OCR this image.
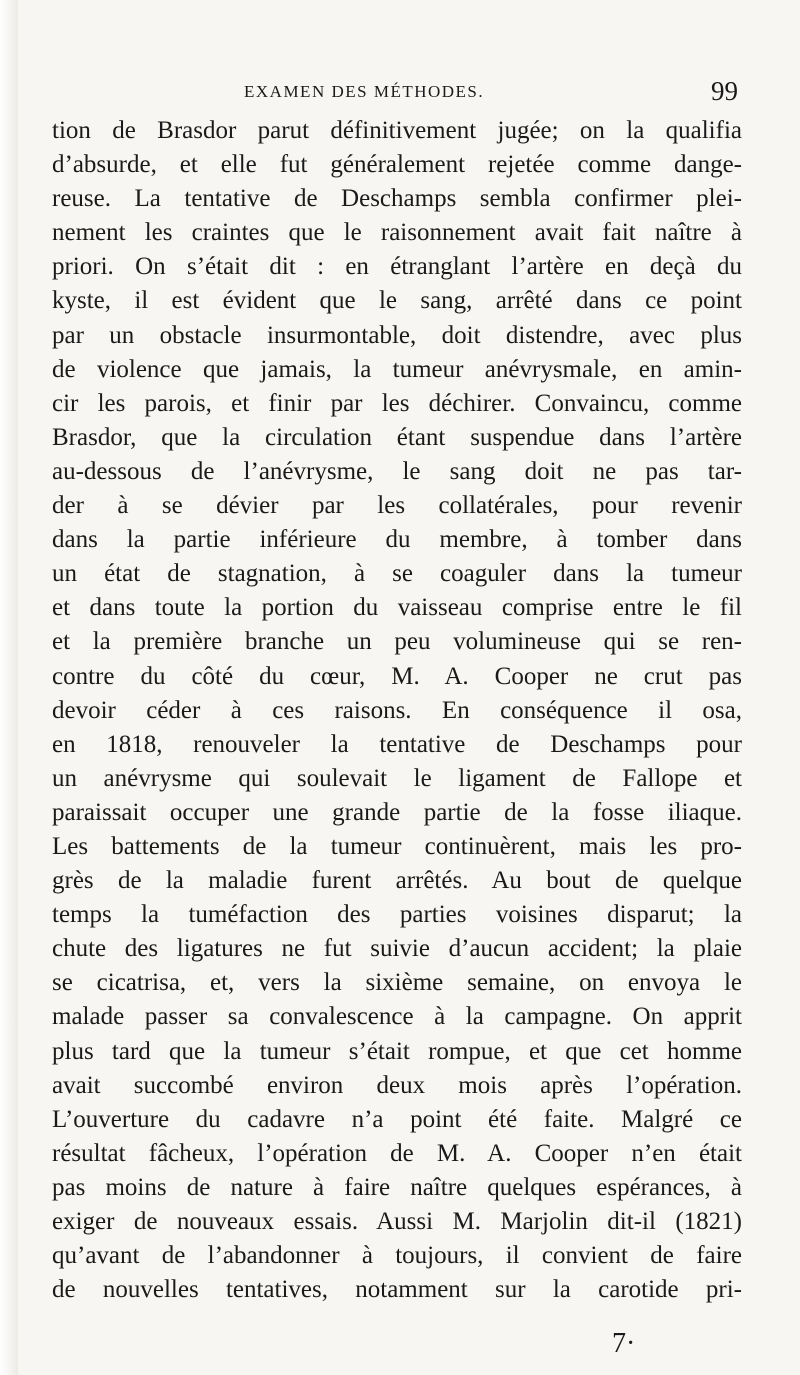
EXAMEN DES MÉTHODES.	99
tion de Brasdor parut définitivement jugée; on la qualifia
d’absurde, et elle fut généralement rejetée comme dange-
reuse. La tentative de Deschamps sembla confirmer plei-
nement les craintes que le raisonnement avait fait naître à
priori. On s’était dit : en étranglant l’artère en deçà du
kyste, il est évident que le sang, arrêté dans ce point
par un obstacle insurmontable, doit distendre, avec plus
de violence que jamais, la tumeur anévrysmale, en amin-
cir les parois, et finir par les déchirer. Convaincu, comme
Brasdor, que la circulation étant suspendue dans l’artère
au-dessous de l’anévrysme, le sang doit ne pas tar-
der à se dévier par les collatérales, pour revenir
dans la partie inférieure du membre, à tomber dans
un état de stagnation, à se coaguler dans la tumeur
et dans toute la portion du vaisseau comprise entre le fil
et la première branche un peu volumineuse qui se ren-
contre du côté du cœur, M. A. Cooper ne crut pas
devoir céder à ces raisons. En conséquence il osa,
en 1818, renouveler la tentative de Deschamps pour
un anévrysme qui soulevait le ligament de Fallope et
paraissait occuper une grande partie de la fosse iliaque.
Les battements de la tumeur continuèrent, mais les pro-
grès de la maladie furent arrêtés. Au bout de quelque
temps la tuméfaction des parties voisines disparut; la
chute des ligatures ne fut suivie d’aucun accident; la plaie
se cicatrisa, et, vers la sixième semaine, on envoya le
malade passer sa convalescence à la campagne. On apprit
plus tard que la tumeur s’était rompue, et que cet homme
avait succombé environ deux mois après l’opération.
L’ouverture du cadavre n’a point été faite. Malgré ce
résultat fâcheux, l’opération de M. A. Cooper n’en était
pas moins de nature à faire naître quelques espérances, à
exiger de nouveaux essais. Aussi M. Marjolin dit-il (1821)
qu’avant de l’abandonner à toujours, il convient de faire
de nouvelles tentatives, notamment sur la carotide pri-
7·
